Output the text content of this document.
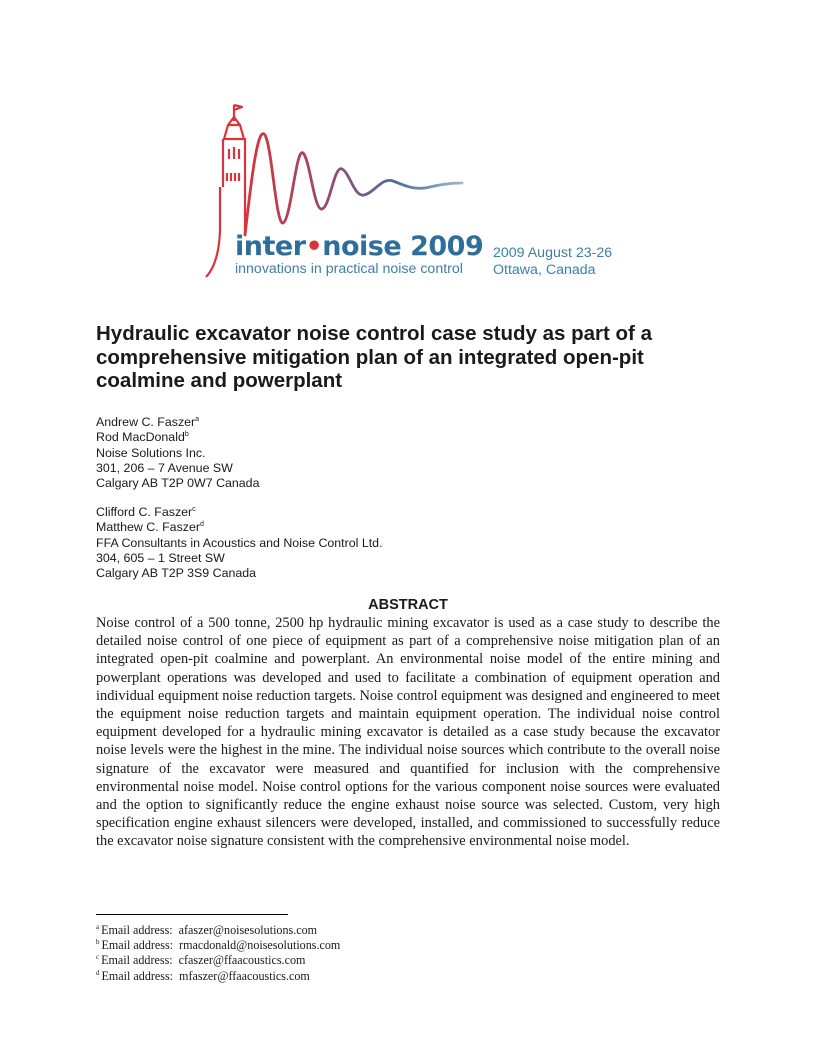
inter•noise 2009
innovations in practical noise control
2009 August 23-26
Ottawa, Canada
Hydraulic excavator noise control case study as part of a comprehensive mitigation plan of an integrated open-pit coalmine and powerplant
Andrew C. Faszer$^a$
Rod MacDonald$^b$
Noise Solutions Inc.
301, 206 – 7 Avenue SW
Calgary AB T2P 0W7 Canada
Clifford C. Faszer$^c$
Matthew C. Faszer$^d$
FFA Consultants in Acoustics and Noise Control Ltd.
304, 605 – 1 Street SW
Calgary AB T2P 3S9 Canada
ABSTRACT

Noise control of a 500 tonne, 2500 hp hydraulic mining excavator is used as a case study to describe the detailed noise control of one piece of equipment as part of a comprehensive noise mitigation plan of an integrated open-pit coalmine and powerplant. An environmental noise model of the entire mining and powerplant operations was developed and used to facilitate a combination of equipment operation and individual equipment noise reduction targets. Noise control equipment was designed and engineered to meet the equipment noise reduction targets and maintain equipment operation. The individual noise control equipment developed for a hydraulic mining excavator is detailed as a case study because the excavator noise levels were the highest in the mine. The individual noise sources which contribute to the overall noise signature of the excavator were measured and quantified for inclusion with the comprehensive environmental noise model. Noise control options for the various component noise sources were evaluated and the option to significantly reduce the engine exhaust noise source was selected. Custom, very high specification engine exhaust silencers were developed, installed, and commissioned to successfully reduce the excavator noise signature consistent with the comprehensive environmental noise model.

$^a$ Email address: afaszer@noisesolutions.com
$^b$ Email address: rmacdonald@noisesolutions.com
$^c$ Email address: cfaszer@ffaacoustics.com
$^d$ Email address: mfaszer@ffaacoustics.com
